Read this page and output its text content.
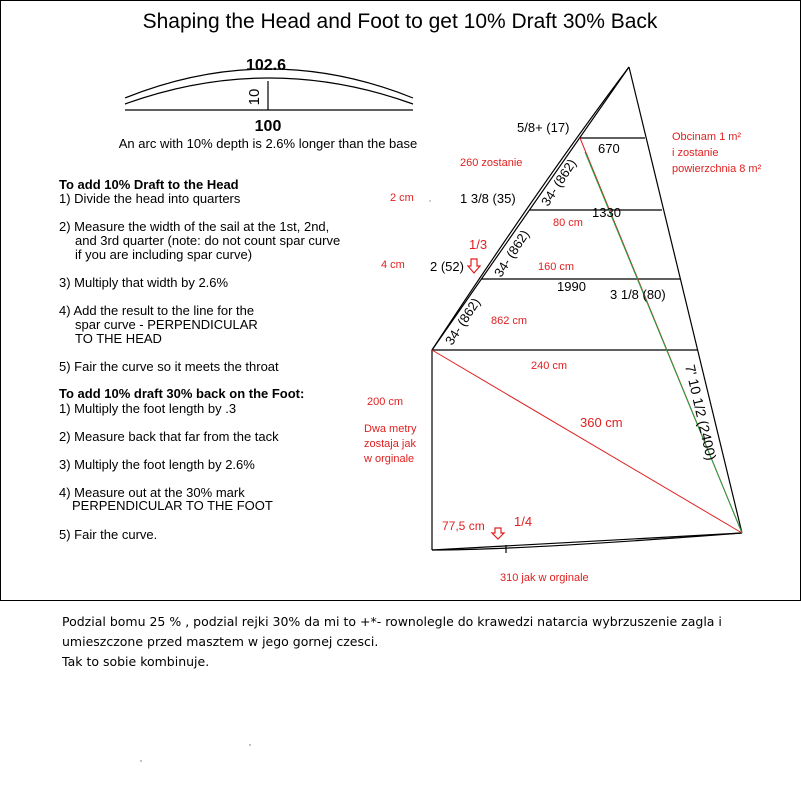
Shaping the Head and Foot to get 10% Draft 30% Back
102.6
10
100
An arc with 10% depth is 2.6% longer than the base
To add 10% Draft to the Head
1) Divide the head into quarters
2) Measure the width of the sail at the 1st, 2nd,
and 3rd quarter (note: do not count spar curve
if you are including spar curve)
3) Multiply that width by 2.6%
4) Add the result to the line for the
spar curve - PERPENDICULAR
TO THE HEAD
5) Fair the curve so it meets the throat
To add 10% draft 30% back on the Foot:
1) Multiply the foot length by .3
2) Measure back that far from the tack
3) Multiply the foot length by 2.6%
4) Measure out at the 30% mark
PERPENDICULAR TO THE FOOT
5) Fair the curve.
5/8+ (17)
670
1 3/8 (35)
1330
2 (52)
1990
3 1/8 (80)
34- (862)
34- (862)
34- (862)
7' 10 1/2 (2400)
Obcinam 1 m²
i zostanie
powierzchnia 8 m²
260 zostanie
2 cm
80 cm
1/3
4 cm	160 cm
862 cm
240 cm
200 cm
360 cm
Dwa metry
zostaja jak
w orginale
77,5 cm 1/4
310 jak w orginale
Podzial bomu 25 % , podzial rejki 30% da mi to +*- rownolegle do krawedzi natarcia wybrzuszenie zagla i
umieszczone przed masztem w jego gornej czesci.
Tak to sobie kombinuje.
